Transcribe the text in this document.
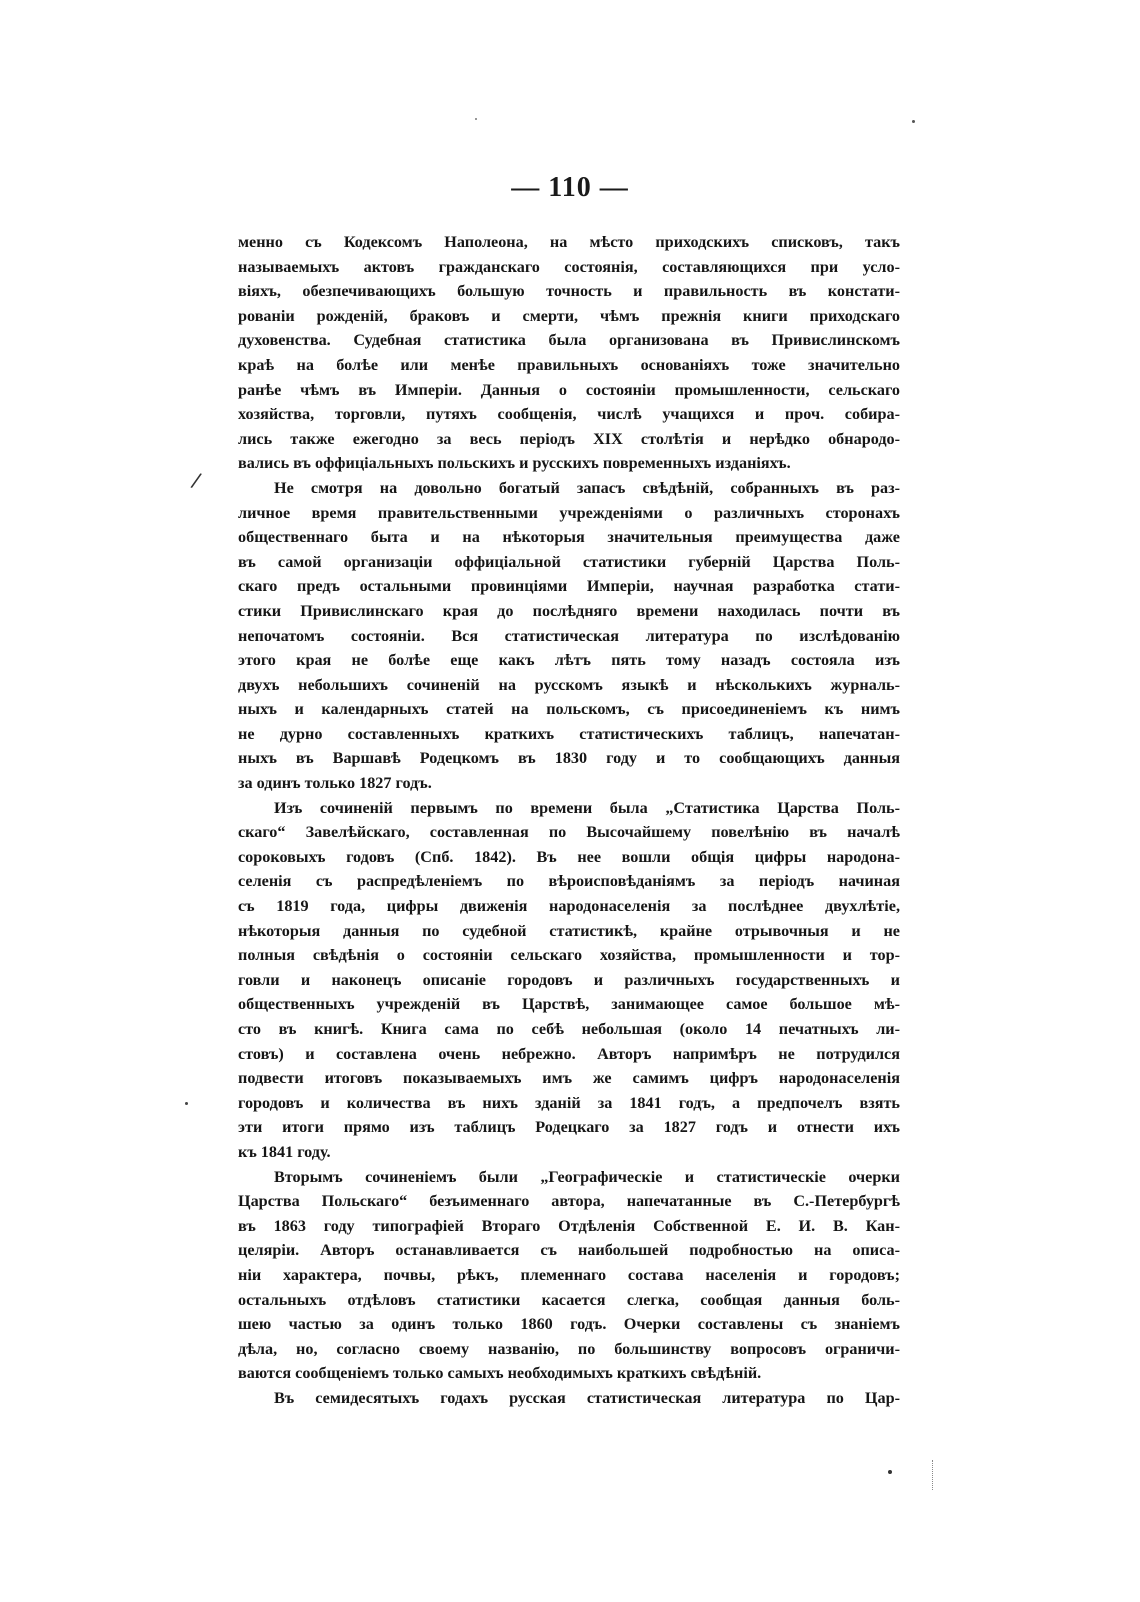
— 110 —
/
менно съ Кодексомъ Наполеона, на мѣсто приходскихъ списковъ, такъ
называемыхъ актовъ гражданскаго состоянія, составляющихся при усло-
віяхъ, обезпечивающихъ большую точность и правильность въ констати-
рованіи рожденій, браковъ и смерти, чѣмъ прежнія книги приходскаго
духовенства. Судебная статистика была организована въ Привислинскомъ
краѣ на болѣе или менѣе правильныхъ основаніяхъ тоже значительно
ранѣе чѣмъ въ Имперіи. Данныя о состояніи промышленности, сельскаго
хозяйства, торговли, путяхъ сообщенія, числѣ учащихся и проч. собира-
лись также ежегодно за весь періодъ XIX столѣтія и нерѣдко обнародо-
вались въ оффиціальныхъ польскихъ и русскихъ повременныхъ изданіяхъ.
Не смотря на довольно богатый запасъ свѣдѣній, собранныхъ въ раз-
личное время правительственными учрежденіями о различныхъ сторонахъ
общественнаго быта и на нѣкоторыя значительныя преимущества даже
въ самой организаціи оффиціальной статистики губерній Царства Поль-
скаго предъ остальными провинціями Имперіи, научная разработка стати-
стики Привислинскаго края до послѣдняго времени находилась почти въ
непочатомъ состояніи. Вся статистическая литература по изслѣдованію
этого края не болѣе еще какъ лѣтъ пять тому назадъ состояла изъ
двухъ небольшихъ сочиненій на русскомъ языкѣ и нѣсколькихъ журналь-
ныхъ и календарныхъ статей на польскомъ, съ присоединеніемъ къ нимъ
не дурно составленныхъ краткихъ статистическихъ таблицъ, напечатан-
ныхъ въ Варшавѣ Родецкомъ въ 1830 году и то сообщающихъ данныя
за одинъ только 1827 годъ.
Изъ сочиненій первымъ по времени была „Статистика Царства Поль-
скаго“ Завелѣйскаго, составленная по Высочайшему повелѣнію въ началѣ
сороковыхъ годовъ (Спб. 1842). Въ нее вошли общія цифры народона-
селенія съ распредѣленіемъ по вѣроисповѣданіямъ за періодъ начиная
съ 1819 года, цифры движенія народонаселенія за послѣднее двухлѣтіе,
нѣкоторыя данныя по судебной статистикѣ, крайне отрывочныя и не
полныя свѣдѣнія о состояніи сельскаго хозяйства, промышленности и тор-
говли и наконецъ описаніе городовъ и различныхъ государственныхъ и
общественныхъ учрежденій въ Царствѣ, занимающее самое большое мѣ-
сто въ книгѣ. Книга сама по себѣ небольшая (около 14 печатныхъ ли-
стовъ) и составлена очень небрежно. Авторъ напримѣръ не потрудился
подвести итоговъ показываемыхъ имъ же самимъ цифръ народонаселенія
городовъ и количества въ нихъ зданій за 1841 годъ, а предпочелъ взять
эти итоги прямо изъ таблицъ Родецкаго за 1827 годъ и отнести ихъ
къ 1841 году.
Вторымъ сочиненіемъ были „Географическіе и статистическіе очерки
Царства Польскаго“ безъименнаго автора, напечатанные въ С.-Петербургѣ
въ 1863 году типографіей Втораго Отдѣленія Собственной Е. И. В. Кан-
целяріи. Авторъ останавливается съ наибольшей подробностью на описа-
ніи характера, почвы, рѣкъ, племеннаго состава населенія и городовъ;
остальныхъ отдѣловъ статистики касается слегка, сообщая данныя боль-
шею частью за одинъ только 1860 годъ. Очерки составлены съ знаніемъ
дѣла, но, согласно своему названію, по большинству вопросовъ ограничи-
ваются сообщеніемъ только самыхъ необходимыхъ краткихъ свѣдѣній.
Въ семидесятыхъ годахъ русская статистическая литература по Цар-
